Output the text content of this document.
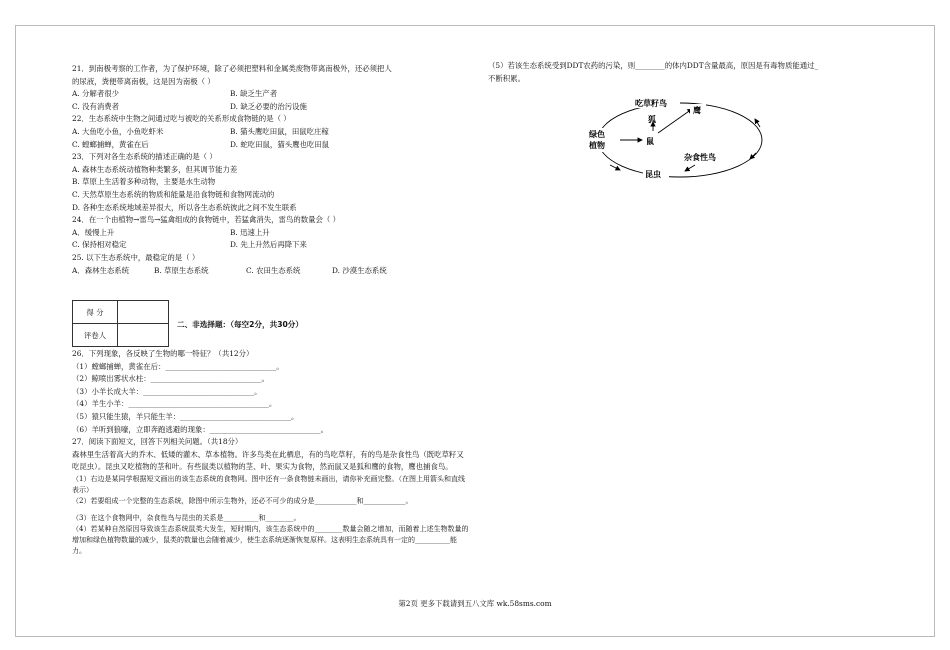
21．到南极考察的工作者，为了保护环境，除了必须把塑料和金属类废物带离南极外，还必须把人
的尿液，粪便带离南极，这是因为南极（ ）
A. 分解者很少	B. 缺乏生产者
C. 没有消费者	D. 缺乏必要的治污设施
22．生态系统中生物之间通过吃与被吃的关系形成食物链的是（ ）
A. 大鱼吃小鱼，小鱼吃虾米	B. 猫头鹰吃田鼠，田鼠吃庄稼
C. 螳螂捕蝉，黄雀在后	D. 蛇吃田鼠，猫头鹰也吃田鼠
23．下列对各生态系统的描述正确的是（ ）
A. 森林生态系统动植物种类繁多，但其调节能力差
B. 草原上生活着多种动物，主要是水生动物
C. 天然草原生态系统的物质和能量是沿食物链和食物网流动的
D. 各种生态系统地域差异很大，所以各生态系统彼此之间不发生联系
24．在一个由植物→雷鸟→猛禽组成的食物链中，若猛禽消失，雷鸟的数量会（ ）
A．缓慢上升	B. 迅速上升
C. 保持相对稳定	D. 先上升然后再降下来
25. 以下生态系统中，最稳定的是（ ）
A．森林生态系统	B. 草原生态系统	C. 农田生态系统	D. 沙漠生态系统
得 分	
评卷人	
二、非选择题：（每空2分，共30分）
26．下列现象，各反映了生物的哪一特征？（共12分）
（1）螳螂捕蝉，黄雀在后：______________________________。
（2）鲸喷出雾状水柱：______________________________。
（3）小羊长成大羊：______________________________。
（4）羊生小羊：______________________________________。
（5）猿只能生猿，羊只能生羊：______________________________。
（6）羊听到狼嚎，立即奔跑逃避的现象：______________________________。
27．阅读下面短文，回答下列相关问题。（共18分）
森林里生活着高大的乔木、低矮的灌木、草本植物。许多鸟类在此栖息，有的鸟吃草籽，有的鸟是杂食性鸟（既吃草籽又吃昆虫）。昆虫又吃植物的茎和叶。有些鼠类以植物的茎、叶、果实为食物，然而鼠又是狐和鹰的食物，鹰也捕食鸟。
（1）右边是某同学根据短文画出的该生态系统的食物网。图中还有一条食物链未画出，请你补充画完整。（在图上用箭头和直线表示）
（2）若要组成一个完整的生态系统，除图中所示生物外，还必不可少的成分是____________和____________。
（3）在这个食物网中，杂食性鸟与昆虫的关系是__________和________。
（4）若某种自然原因导致该生态系统鼠类大发生，短时期内，该生态系统中的________数量会随之增加，而随着上述生物数量的增加和绿色植物数量的减少，鼠类的数量也会随着减少，使生态系统逐渐恢复原样。这表明生态系统具有一定的__________能力。
（5）若该生态系统受到DDT农药的污染，则________的体内DDT含量最高，原因是有毒物质能通过_
不断积累。
吃草籽鸟
鹰
狐
鼠
绿色
植物
杂食性鸟
昆虫
第2页 更多下载请到五八文库 wk.58sms.com
